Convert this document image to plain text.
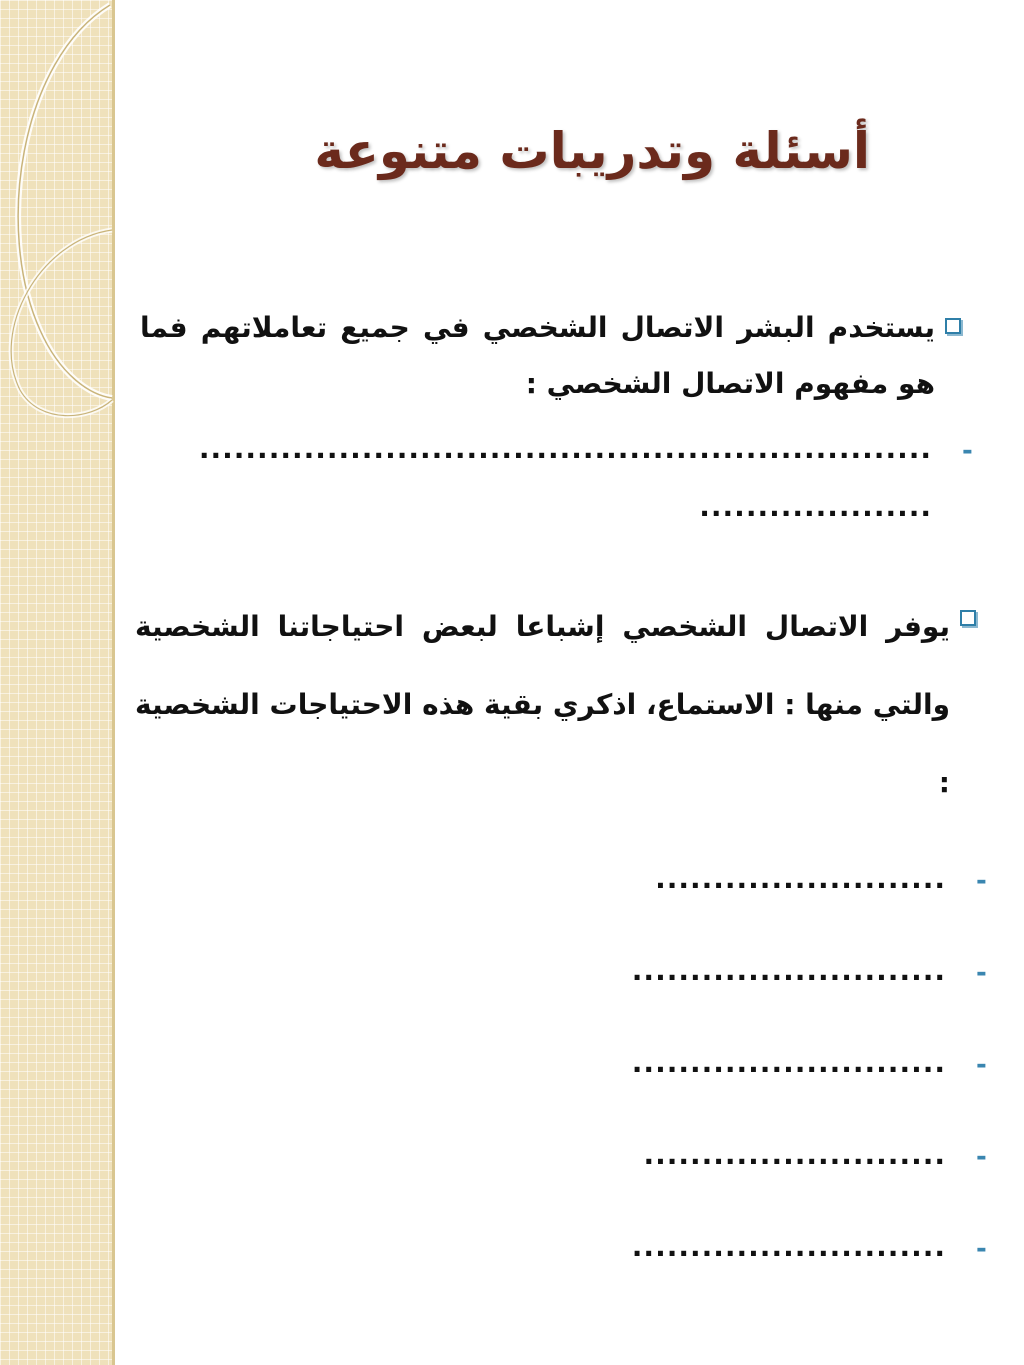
أسئلة وتدريبات متنوعة
يستخدم البشر الاتصال الشخصي في جميع تعاملاتهم فما هو مفهوم الاتصال الشخصي :
-
...............................................................
....................
يوفر الاتصال الشخصي إشباعا لبعض احتياجاتنا الشخصية والتي منها : الاستماع، اذكري بقية هذه الاحتياجات الشخصية :
-
.........................
-
...........................
-
...........................
-
..........................
-
...........................
